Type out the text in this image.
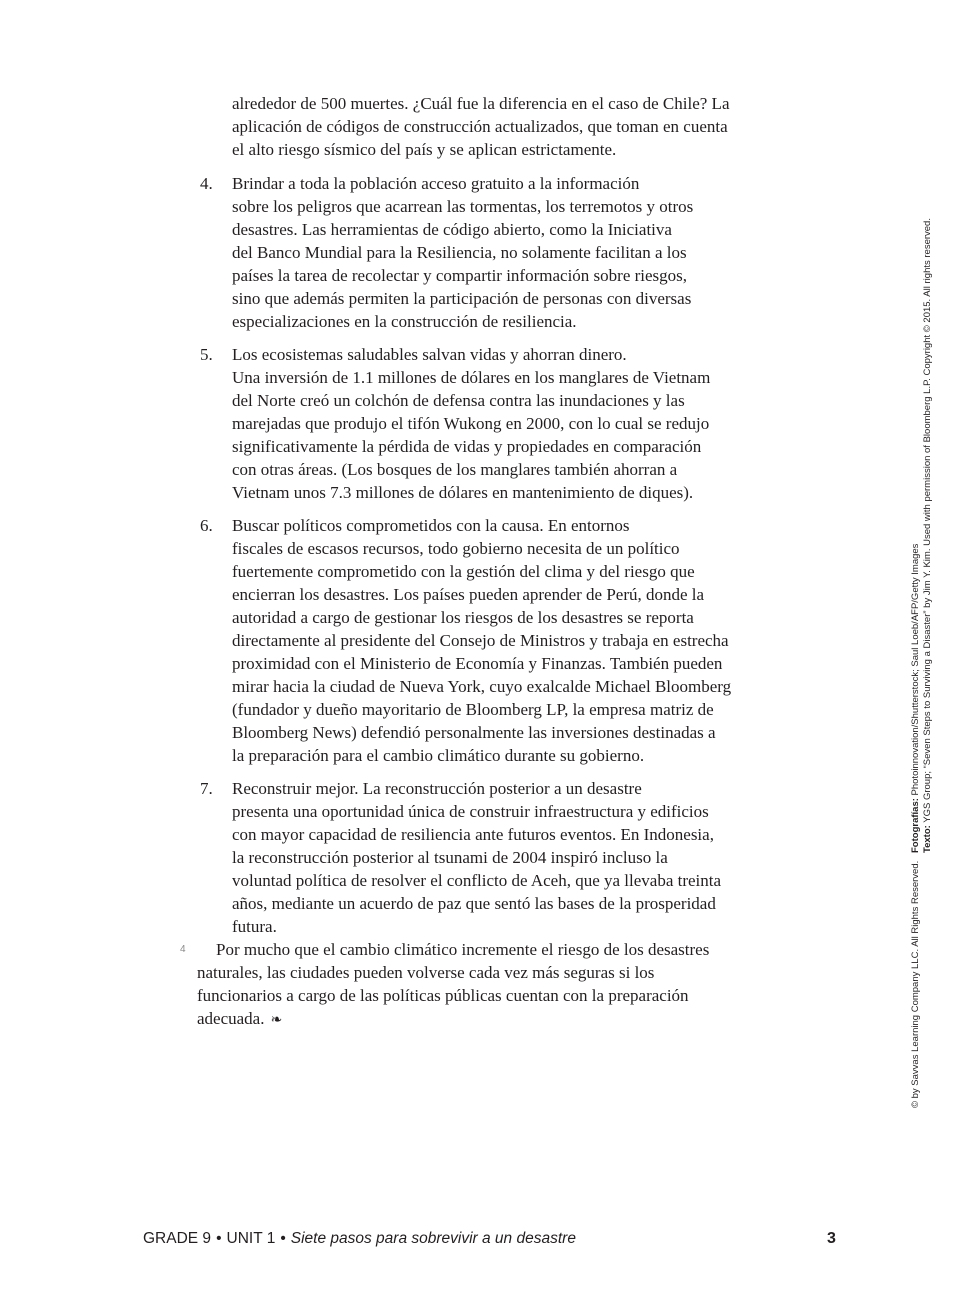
alrededor de 500 muertes. ¿Cuál fue la diferencia en el caso de Chile? La
aplicación de códigos de construcción actualizados, que toman en cuenta
el alto riesgo sísmico del país y se aplican estrictamente.
4. Brindar a toda la población acceso gratuito a la información
sobre los peligros que acarrean las tormentas, los terremotos y otros
desastres. Las herramientas de código abierto, como la Iniciativa
del Banco Mundial para la Resiliencia, no solamente facilitan a los
países la tarea de recolectar y compartir información sobre riesgos,
sino que además permiten la participación de personas con diversas
especializaciones en la construcción de resiliencia.
5. Los ecosistemas saludables salvan vidas y ahorran dinero.
Una inversión de 1.1 millones de dólares en los manglares de Vietnam
del Norte creó un colchón de defensa contra las inundaciones y las
marejadas que produjo el tifón Wukong en 2000, con lo cual se redujo
significativamente la pérdida de vidas y propiedades en comparación
con otras áreas. (Los bosques de los manglares también ahorran a
Vietnam unos 7.3 millones de dólares en mantenimiento de diques).
6. Buscar políticos comprometidos con la causa. En entornos
fiscales de escasos recursos, todo gobierno necesita de un político
fuertemente comprometido con la gestión del clima y del riesgo que
encierran los desastres. Los países pueden aprender de Perú, donde la
autoridad a cargo de gestionar los riesgos de los desastres se reporta
directamente al presidente del Consejo de Ministros y trabaja en estrecha
proximidad con el Ministerio de Economía y Finanzas. También pueden
mirar hacia la ciudad de Nueva York, cuyo exalcalde Michael Bloomberg
(fundador y dueño mayoritario de Bloomberg LP, la empresa matriz de
Bloomberg News) defendió personalmente las inversiones destinadas a
la preparación para el cambio climático durante su gobierno.
7. Reconstruir mejor. La reconstrucción posterior a un desastre
presenta una oportunidad única de construir infraestructura y edificios
con mayor capacidad de resiliencia ante futuros eventos. En Indonesia,
la reconstrucción posterior al tsunami de 2004 inspiró incluso la
voluntad política de resolver el conflicto de Aceh, que ya llevaba treinta
años, mediante un acuerdo de paz que sentó las bases de la prosperidad
futura.
4	Por mucho que el cambio climático incremente el riesgo de los desastres
naturales, las ciudades pueden volverse cada vez más seguras si los
funcionarios a cargo de las políticas públicas cuentan con la preparación
adecuada. ❧
Fotografías: Photoinnovation/Shutterstock; Saul Loeb/AFP/Getty Images
Texto: YGS Group; “Seven Steps to Surviving a Disaster” by Jim Y. Kim. Used with permission of Bloomberg L.P. Copyright © 2015. All rights reserved.
© by Savvas Learning Company LLC. All Rights Reserved.
GRADE 9 • UNIT 1 • Siete pasos para sobrevivir a un desastre	3
